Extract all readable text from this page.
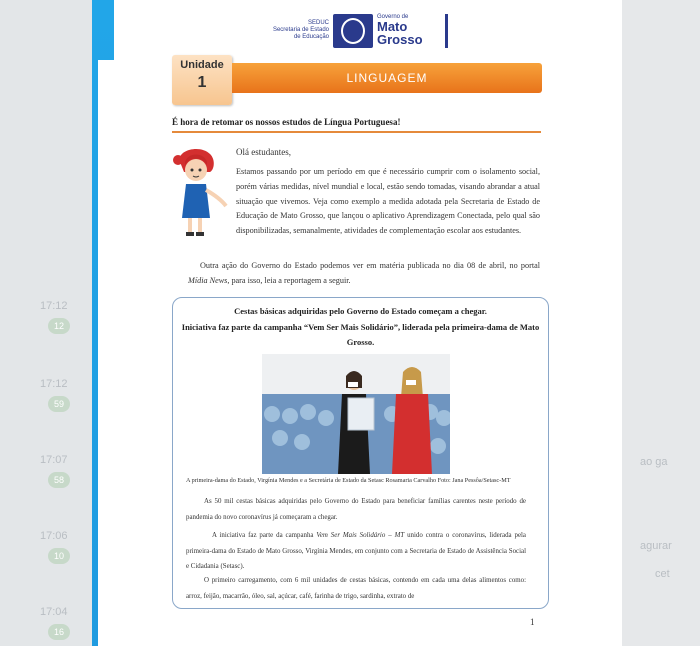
17:12
12
17:12
59
17:07
58
17:06
10
17:04
16
ao ga
agurar
cet
SEDUC
Secretaria de Estado
de Educação
Governo de
Mato
Grosso
Unidade
1	LINGUAGEM
É hora de retomar os nossos estudos de Língua Portuguesa!
Olá estudantes,
Estamos passando por um período em que é necessário cumprir com o isolamento social, porém várias medidas, nível mundial e local, estão sendo tomadas, visando abrandar a atual situação que vivemos. Veja como exemplo a medida adotada pela Secretaria de Estado de Educação de Mato Grosso, que lançou o aplicativo Aprendizagem Conectada, pelo qual são disponibilizadas, semanalmente, atividades de complementação escolar aos estudantes.
Outra ação do Governo do Estado podemos ver em matéria publicada no dia 08 de abril, no portal Mídia News, para isso, leia a reportagem a seguir.
Cestas básicas adquiridas pelo Governo do Estado começam a chegar.
Iniciativa faz parte da campanha “Vem Ser Mais Solidário”, liderada pela primeira-dama de Mato Grosso.
A primeira-dama do Estado, Virgínia Mendes e a Secretária de Estado da Setasc Rosamaria Carvalho Foto: Jana Pessôa/Setasc-MT
As 50 mil cestas básicas adquiridas pelo Governo do Estado para beneficiar famílias carentes neste período de pandemia do novo coronavírus já começaram a chegar.
A iniciativa faz parte da campanha Vem Ser Mais Solidário – MT unido contra o coronavírus, liderada pela primeira-dama do Estado de Mato Grosso, Virgínia Mendes, em conjunto com a Secretaria de Estado de Assistência Social e Cidadania (Setasc).
O primeiro carregamento, com 6 mil unidades de cestas básicas, contendo em cada uma delas alimentos como: arroz, feijão, macarrão, óleo, sal, açúcar, café, farinha de trigo, sardinha, extrato de
1
